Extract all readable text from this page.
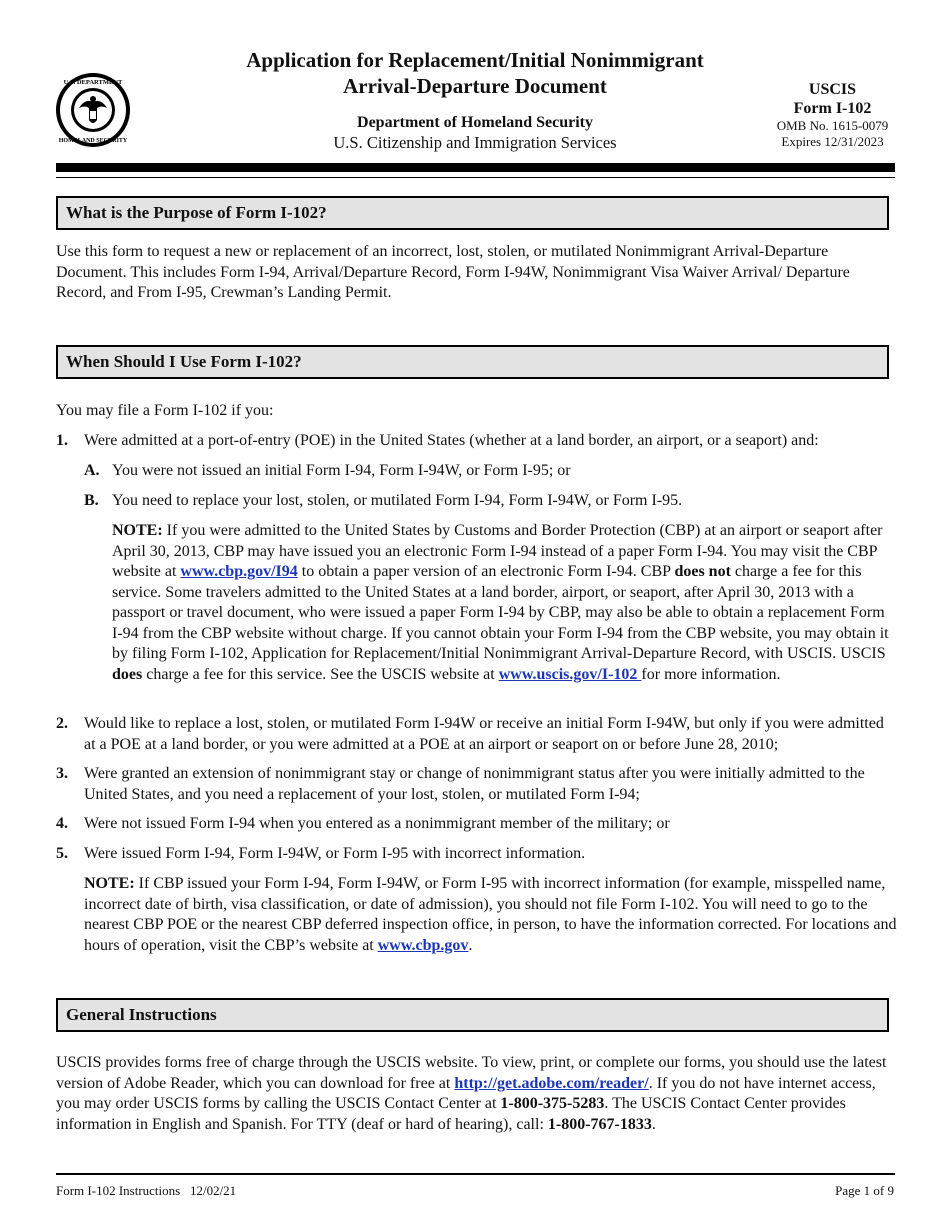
U.S. DEPARTMENT
HOMELAND SECURITY
Application for Replacement/Initial Nonimmigrant
Arrival-Departure Document
Department of Homeland Security
U.S. Citizenship and Immigration Services
USCIS
Form I-102
OMB No. 1615-0079
Expires 12/31/2023
What is the Purpose of Form I-102?
Use this form to request a new or replacement of an incorrect, lost, stolen, or mutilated Nonimmigrant Arrival-Departure Document. This includes Form I-94, Arrival/Departure Record, Form I-94W, Nonimmigrant Visa Waiver Arrival/ Departure Record, and From I-95, Crewman’s Landing Permit.
When Should I Use Form I-102?
You may file a Form I-102 if you:
1. Were admitted at a port-of-entry (POE) in the United States (whether at a land border, an airport, or a seaport) and:
A. You were not issued an initial Form I-94, Form I-94W, or Form I-95; or
B. You need to replace your lost, stolen, or mutilated Form I-94, Form I-94W, or Form I-95.
NOTE: If you were admitted to the United States by Customs and Border Protection (CBP) at an airport or seaport after April 30, 2013, CBP may have issued you an electronic Form I-94 instead of a paper Form I-94. You may visit the CBP website at www.cbp.gov/I94 to obtain a paper version of an electronic Form I-94. CBP does not charge a fee for this service. Some travelers admitted to the United States at a land border, airport, or seaport, after April 30, 2013 with a passport or travel document, who were issued a paper Form I-94 by CBP, may also be able to obtain a replacement Form I-94 from the CBP website without charge. If you cannot obtain your Form I-94 from the CBP website, you may obtain it by filing Form I-102, Application for Replacement/Initial Nonimmigrant Arrival-Departure Record, with USCIS. USCIS does charge a fee for this service. See the USCIS website at www.uscis.gov/I-102 for more information.
2. Would like to replace a lost, stolen, or mutilated Form I-94W or receive an initial Form I-94W, but only if you were admitted at a POE at a land border, or you were admitted at a POE at an airport or seaport on or before June 28, 2010;
3. Were granted an extension of nonimmigrant stay or change of nonimmigrant status after you were initially admitted to the United States, and you need a replacement of your lost, stolen, or mutilated Form I-94;
4. Were not issued Form I-94 when you entered as a nonimmigrant member of the military; or
5. Were issued Form I-94, Form I-94W, or Form I-95 with incorrect information.
NOTE: If CBP issued your Form I-94, Form I-94W, or Form I-95 with incorrect information (for example, misspelled name, incorrect date of birth, visa classification, or date of admission), you should not file Form I-102. You will need to go to the nearest CBP POE or the nearest CBP deferred inspection office, in person, to have the information corrected. For locations and hours of operation, visit the CBP’s website at www.cbp.gov.
General Instructions
USCIS provides forms free of charge through the USCIS website. To view, print, or complete our forms, you should use the latest version of Adobe Reader, which you can download for free at http://get.adobe.com/reader/. If you do not have internet access, you may order USCIS forms by calling the USCIS Contact Center at 1-800-375-5283. The USCIS Contact Center provides information in English and Spanish. For TTY (deaf or hard of hearing), call: 1-800-767-1833.
Form I-102 Instructions   12/02/21	Page 1 of 9
